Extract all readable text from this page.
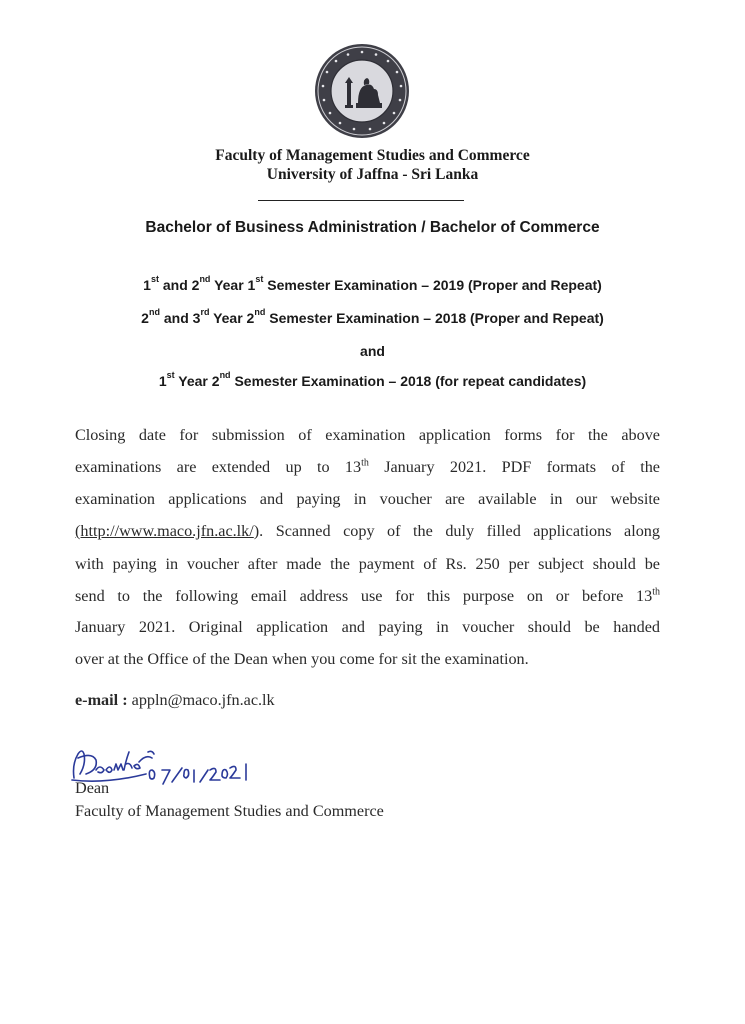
Faculty of Management Studies and Commerce
University of Jaffna - Sri Lanka
Bachelor of Business Administration / Bachelor of Commerce
1st and 2nd Year 1st Semester Examination – 2019 (Proper and Repeat)
2nd and 3rd Year 2nd Semester Examination – 2018 (Proper and Repeat)
and
1st Year 2nd Semester Examination – 2018 (for repeat candidates)
Closing date for submission of examination application forms for the above
examinations are extended up to 13th January 2021. PDF formats of the
examination applications and paying in voucher are available in our website
(http://www.maco.jfn.ac.lk/). Scanned copy of the duly filled applications along
with paying in voucher after made the payment of Rs. 250 per subject should be
send to the following email address use for this purpose on or before 13th
January 2021. Original application and paying in voucher should be handed
over at the Office of the Dean when you come for sit the examination.
e-mail : appln@maco.jfn.ac.lk
Dean
Faculty of Management Studies and Commerce
